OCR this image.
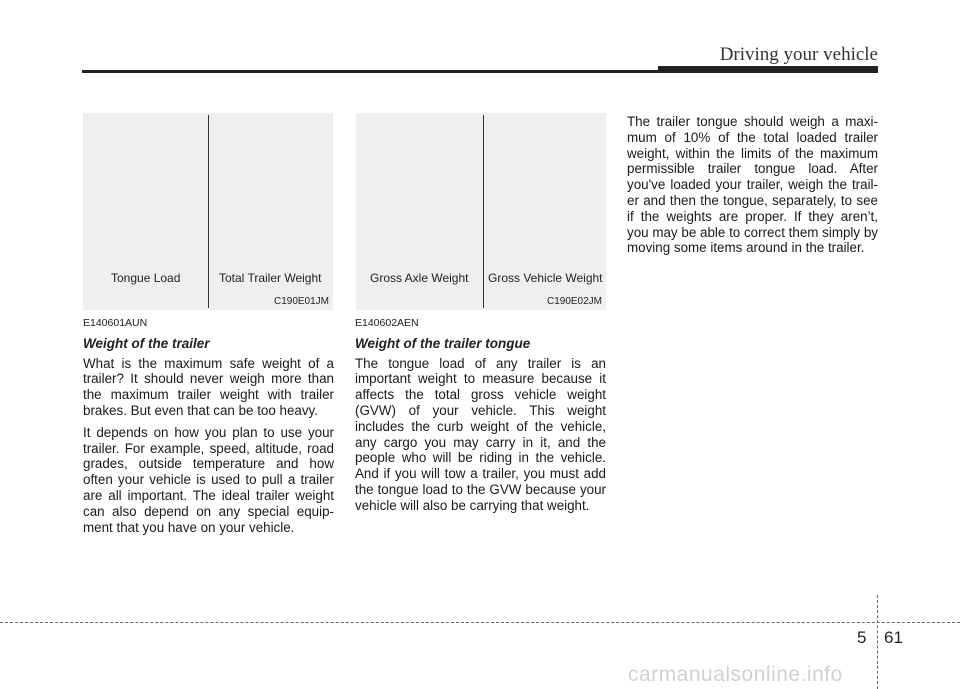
Driving your vehicle
Tongue Load	Total Trailer Weight
C190E01JM
Gross Axle Weight Gross Vehicle Weight
C190E02JM

E140601AUN

Weight of the trailer

What is the maximum safe weight of a trailer? It should never weigh more than the maximum trailer weight with trailer brakes. But even that can be too heavy.

It depends on how you plan to use your trailer. For example, speed, altitude, road grades, outside temperature and how often your vehicle is used to pull a trailer are all important. The ideal trailer weight can also depend on any special equip-ment that you have on your vehicle.

E140602AEN

Weight of the trailer tongue

The tongue load of any trailer is an important weight to measure because it affects the total gross vehicle weight (GVW) of your vehicle. This weight includes the curb weight of the vehicle, any cargo you may carry in it, and the people who will be riding in the vehicle. And if you will tow a trailer, you must add the tongue load to the GVW because your vehicle will also be carrying that weight.

The trailer tongue should weigh a maxi-mum of 10% of the total loaded trailer weight, within the limits of the maximum permissible trailer tongue load. After you've loaded your trailer, weigh the trail-er and then the tongue, separately, to see if the weights are proper. If they aren’t, you may be able to correct them simply by moving some items around in the trailer.

5 61
carmanualsonline.info
